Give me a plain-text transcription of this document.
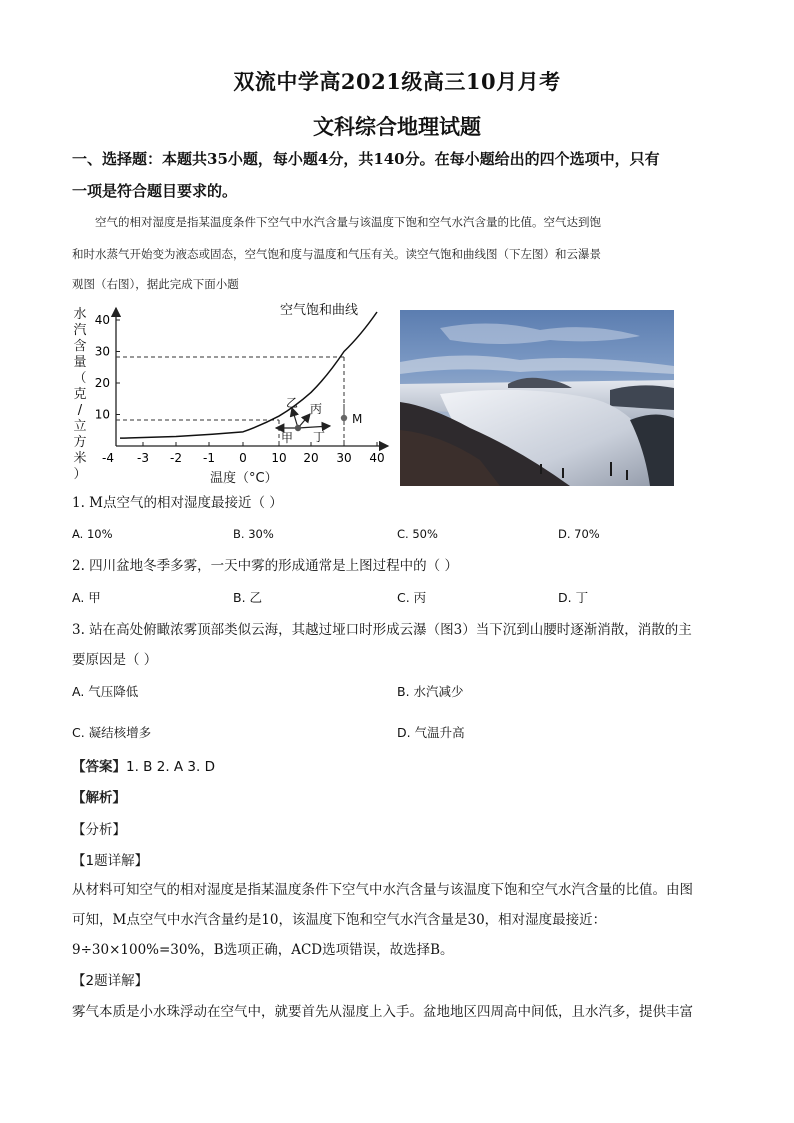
双流中学高2021级高三10月月考
文科综合地理试题
一、选择题：本题共35小题，每小题4分，共140分。在每小题给出的四个选项中，只有
一项是符合题目要求的。
空气的相对湿度是指某温度条件下空气中水汽含量与该温度下饱和空气水汽含量的比值。空气达到饱
和时水蒸气开始变为液态或固态，空气饱和度与温度和气压有关。读空气饱和曲线图（下左图）和云瀑景
观图（右图），据此完成下面小题
水汽含量（克/立方米）
-4 -3 -2 -1 0 10 20 30 40
10
20
30
40
M
甲
乙 丙
丁
空气饱和曲线
温度（°C）
1. M点空气的相对湿度最接近（ ）
A. 10%	B. 30%	C. 50%	D. 70%
2. 四川盆地冬季多雾，一天中雾的形成通常是上图过程中的（ ）
A. 甲	B. 乙	C. 丙	D. 丁
3. 站在高处俯瞰浓雾顶部类似云海，其越过垭口时形成云瀑（图3）当下沉到山腰时逐渐消散，消散的主
要原因是（ ）
A. 气压降低	B. 水汽减少
C. 凝结核增多	D. 气温升高
【答案】1. B 2. A 3. D
【解析】
【分析】
【1题详解】
从材料可知空气的相对湿度是指某温度条件下空气中水汽含量与该温度下饱和空气水汽含量的比值。由图
可知，M点空气中水汽含量约是10，该温度下饱和空气水汽含量是30，相对湿度最接近：
9÷30×100%=30%，B选项正确，ACD选项错误，故选择B。
【2题详解】
雾气本质是小水珠浮动在空气中，就要首先从湿度上入手。盆地地区四周高中间低，且水汽多，提供丰富
